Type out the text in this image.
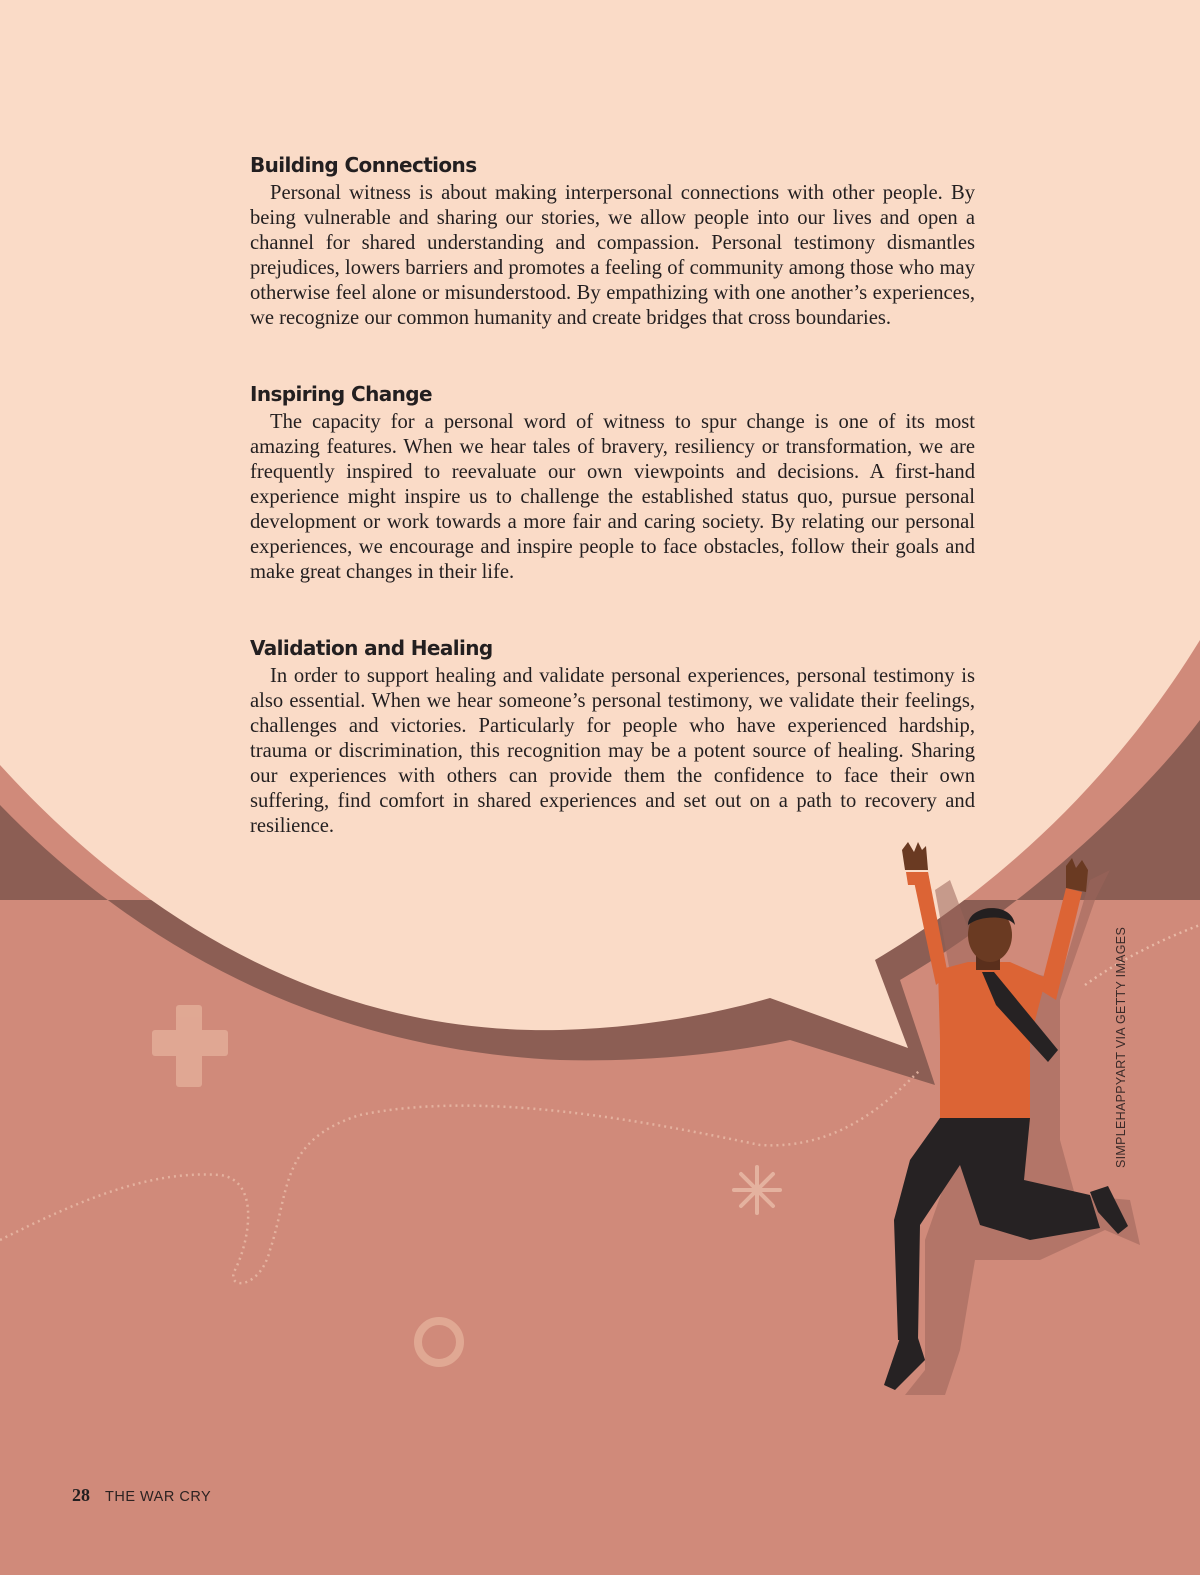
Building Connections

Personal witness is about making interpersonal connections with other people. By being vulnerable and sharing our stories, we allow people into our lives and open a channel for shared understanding and compassion. Personal testimony dismantles prejudices, lowers barriers and promotes a feeling of community among those who may otherwise feel alone or misunderstood. By empathizing with one another’s experiences, we recognize our common humanity and create bridges that cross boundaries.

Inspiring Change

The capacity for a personal word of witness to spur change is one of its most amazing features. When we hear tales of bravery, resiliency or transformation, we are frequently inspired to reevaluate our own viewpoints and decisions. A first-hand experience might inspire us to challenge the established status quo, pursue personal development or work towards a more fair and caring society. By relating our personal experiences, we encourage and inspire people to face obstacles, follow their goals and make great changes in their life.

Validation and Healing

In order to support healing and validate personal experiences, personal testimony is also essential. When we hear someone’s personal testimony, we validate their feelings, challenges and victories. Particularly for people who have experienced hardship, trauma or discrimination, this recognition may be a potent source of healing. Sharing our experiences with others can provide them the confidence to face their own suffering, find comfort in shared experiences and set out on a path to recovery and resilience.

SIMPLEHAPPYART VIA GETTY IMAGES
28 THE WAR CRY
